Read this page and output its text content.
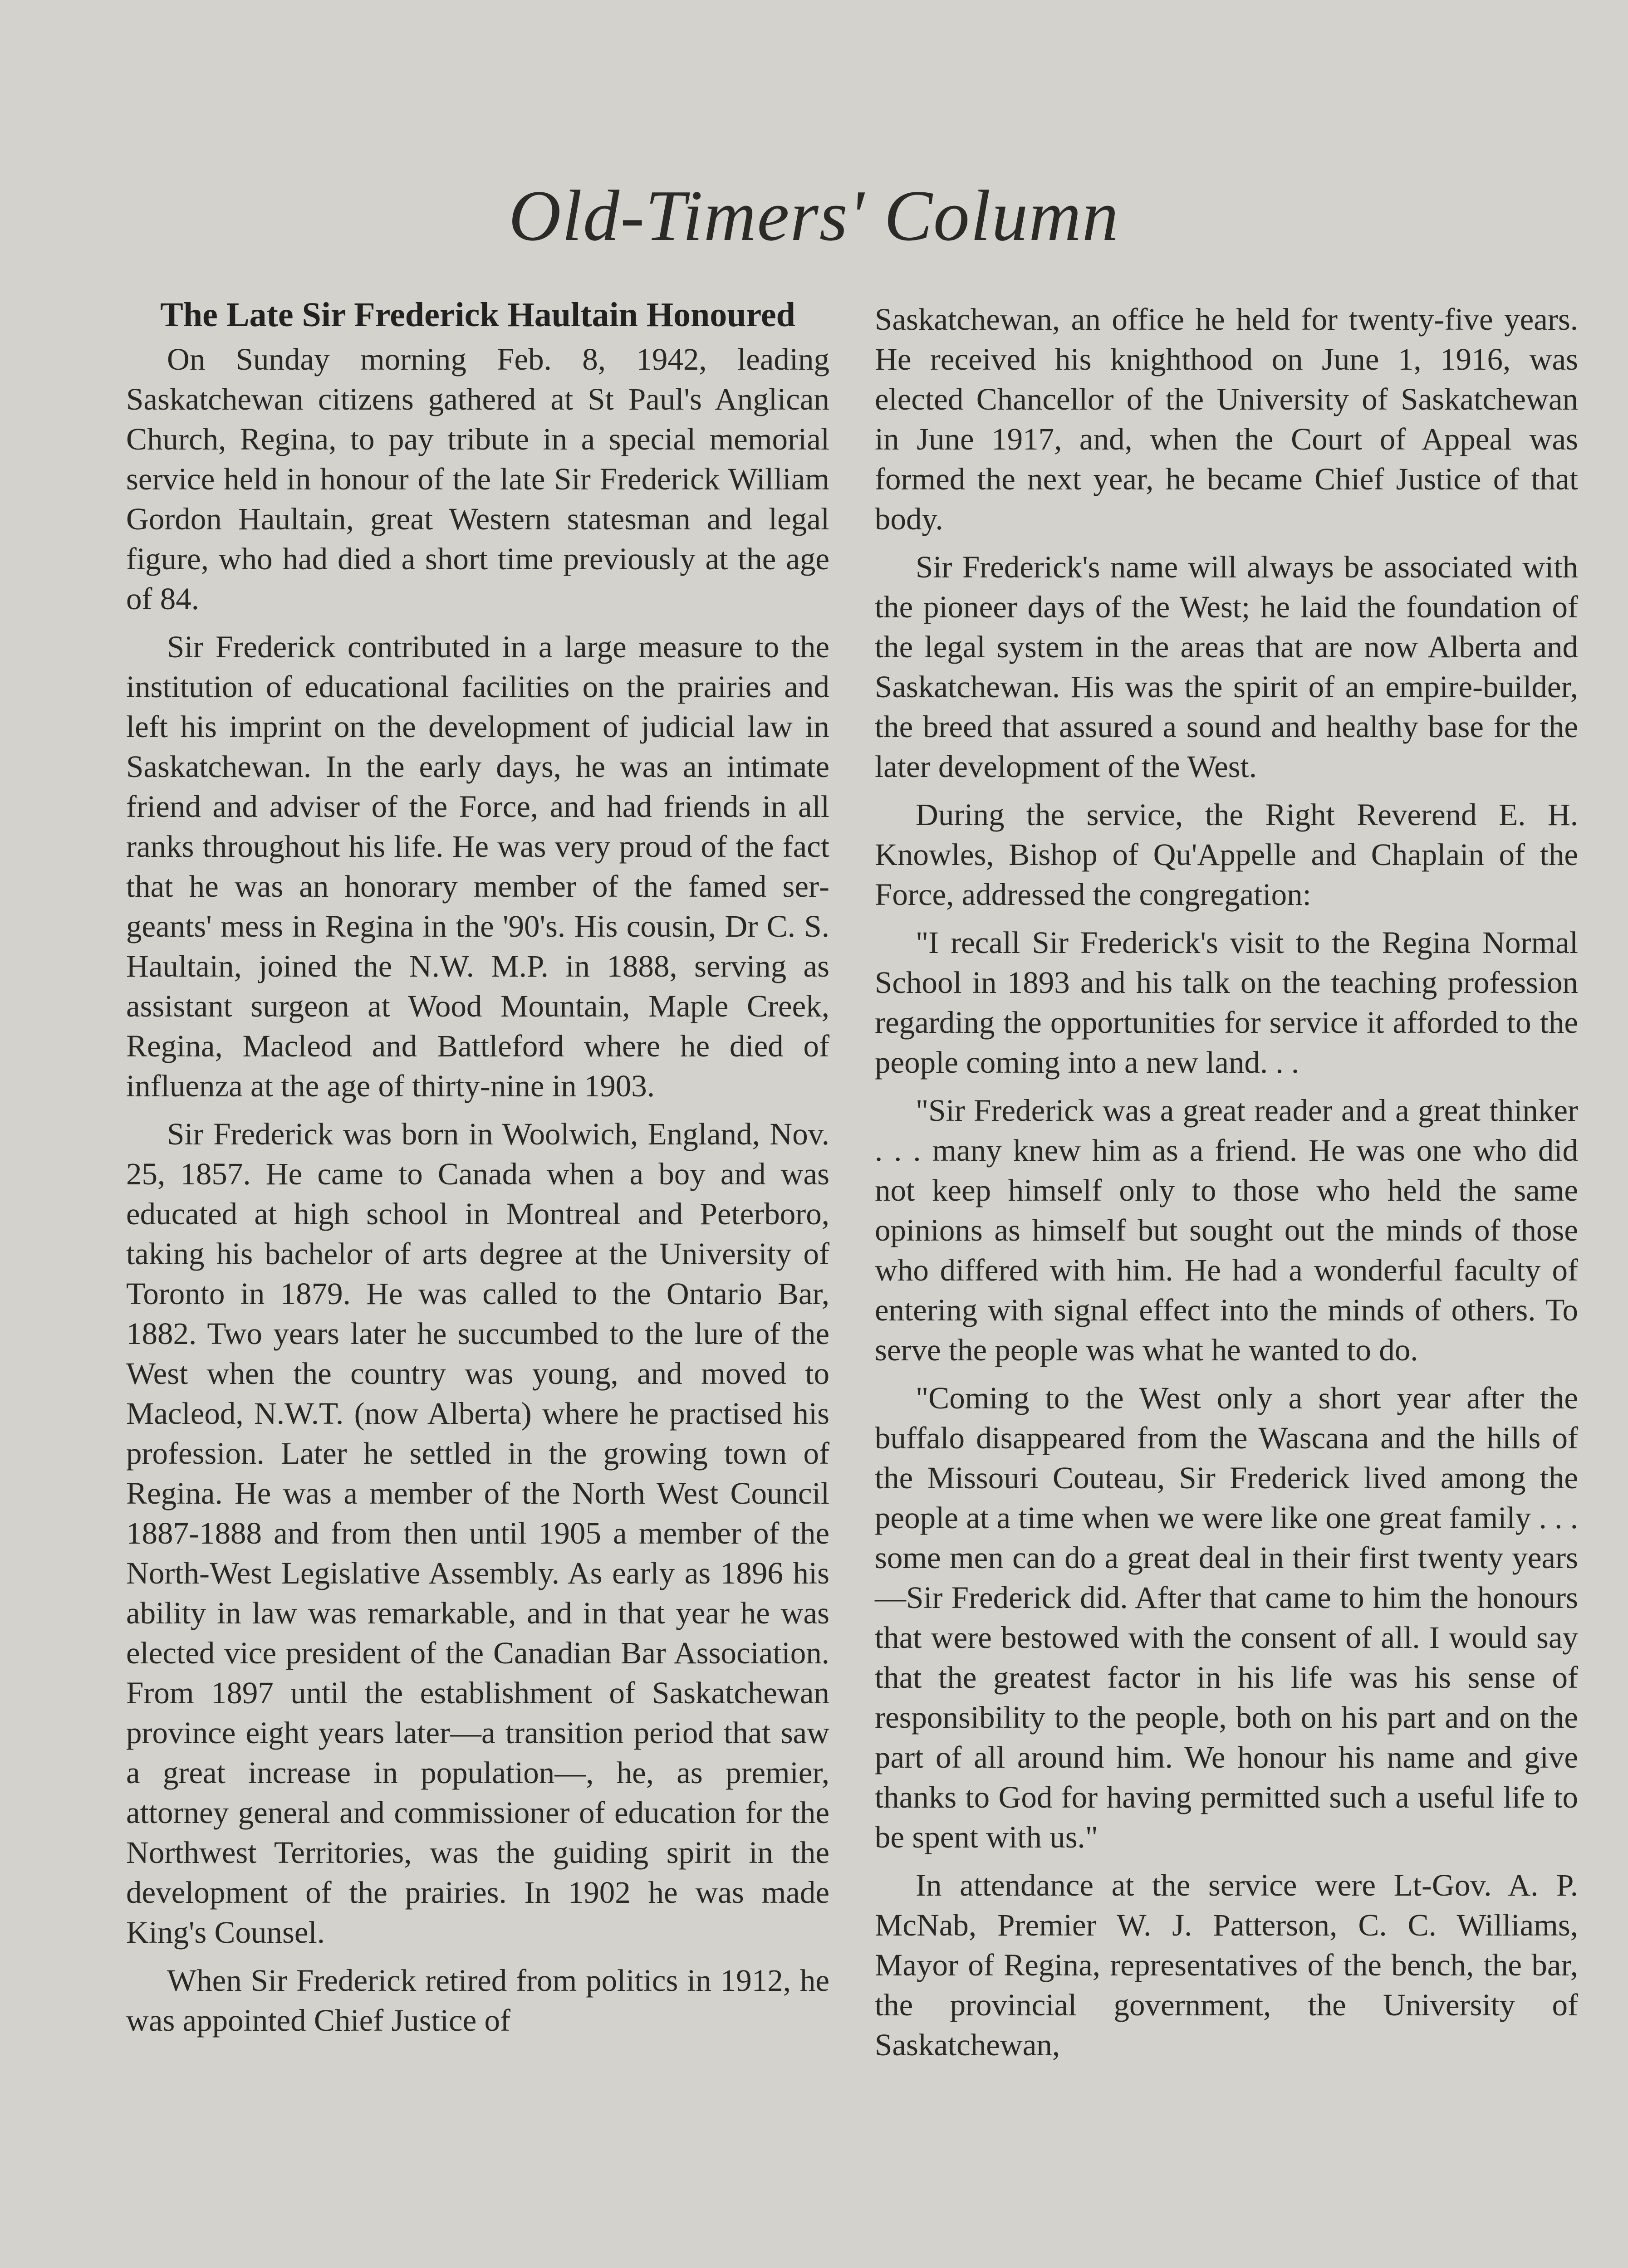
Old-Timers' Column
The Late Sir Frederick Haultain Honoured

On Sunday morning Feb. 8, 1942, leading Saskatchewan citizens gathered at St Paul's Anglican Church, Regina, to pay tribute in a special memorial service held in honour of the late Sir Frederick William Gordon Haultain, great Western statesman and legal figure, who had died a short time previously at the age of 84.

Sir Frederick contributed in a large measure to the institution of educational facilities on the prairies and left his imprint on the development of judicial law in Saskatchewan. In the early days, he was an intimate friend and adviser of the Force, and had friends in all ranks throughout his life. He was very proud of the fact that he was an honorary member of the famed sergeants' mess in Regina in the '90's. His cousin, Dr C. S. Haultain, joined the N.W. M.P. in 1888, serving as assistant surgeon at Wood Mountain, Maple Creek, Regina, Macleod and Battleford where he died of influenza at the age of thirty-nine in 1903.

Sir Frederick was born in Woolwich, England, Nov. 25, 1857. He came to Canada when a boy and was educated at high school in Montreal and Peterboro, taking his bachelor of arts degree at the University of Toronto in 1879. He was called to the Ontario Bar, 1882. Two years later he succumbed to the lure of the West when the country was young, and moved to Macleod, N.W.T. (now Alberta) where he practised his profession. Later he settled in the growing town of Regina. He was a member of the North West Council 1887-1888 and from then until 1905 a member of the North-West Legislative Assembly. As early as 1896 his ability in law was remarkable, and in that year he was elected vice president of the Canadian Bar Association. From 1897 until the establishment of Saskatchewan province eight years later—a transition period that saw a great increase in population—, he, as premier, attorney general and commissioner of education for the Northwest Territories, was the guiding spirit in the development of the prairies. In 1902 he was made King's Counsel.

When Sir Frederick retired from politics in 1912, he was appointed Chief Justice of

Saskatchewan, an office he held for twenty-five years. He received his knighthood on June 1, 1916, was elected Chancellor of the University of Saskatchewan in June 1917, and, when the Court of Appeal was formed the next year, he became Chief Justice of that body.

Sir Frederick's name will always be associated with the pioneer days of the West; he laid the foundation of the legal system in the areas that are now Alberta and Saskatchewan. His was the spirit of an empire-builder, the breed that assured a sound and healthy base for the later development of the West.

During the service, the Right Reverend E. H. Knowles, Bishop of Qu'Appelle and Chaplain of the Force, addressed the congregation:

"I recall Sir Frederick's visit to the Regina Normal School in 1893 and his talk on the teaching profession regarding the opportunities for service it afforded to the people coming into a new land. . .

"Sir Frederick was a great reader and a great thinker . . . many knew him as a friend. He was one who did not keep himself only to those who held the same opinions as himself but sought out the minds of those who differed with him. He had a wonderful faculty of entering with signal effect into the minds of others. To serve the people was what he wanted to do.

"Coming to the West only a short year after the buffalo disappeared from the Wascana and the hills of the Missouri Couteau, Sir Frederick lived among the people at a time when we were like one great family . . . some men can do a great deal in their first twenty years—Sir Frederick did. After that came to him the honours that were bestowed with the consent of all. I would say that the greatest factor in his life was his sense of responsibility to the people, both on his part and on the part of all around him. We honour his name and give thanks to God for having permitted such a useful life to be spent with us."

In attendance at the service were Lt-Gov. A. P. McNab, Premier W. J. Patterson, C. C. Williams, Mayor of Regina, representatives of the bench, the bar, the provincial government, the University of Saskatchewan,
